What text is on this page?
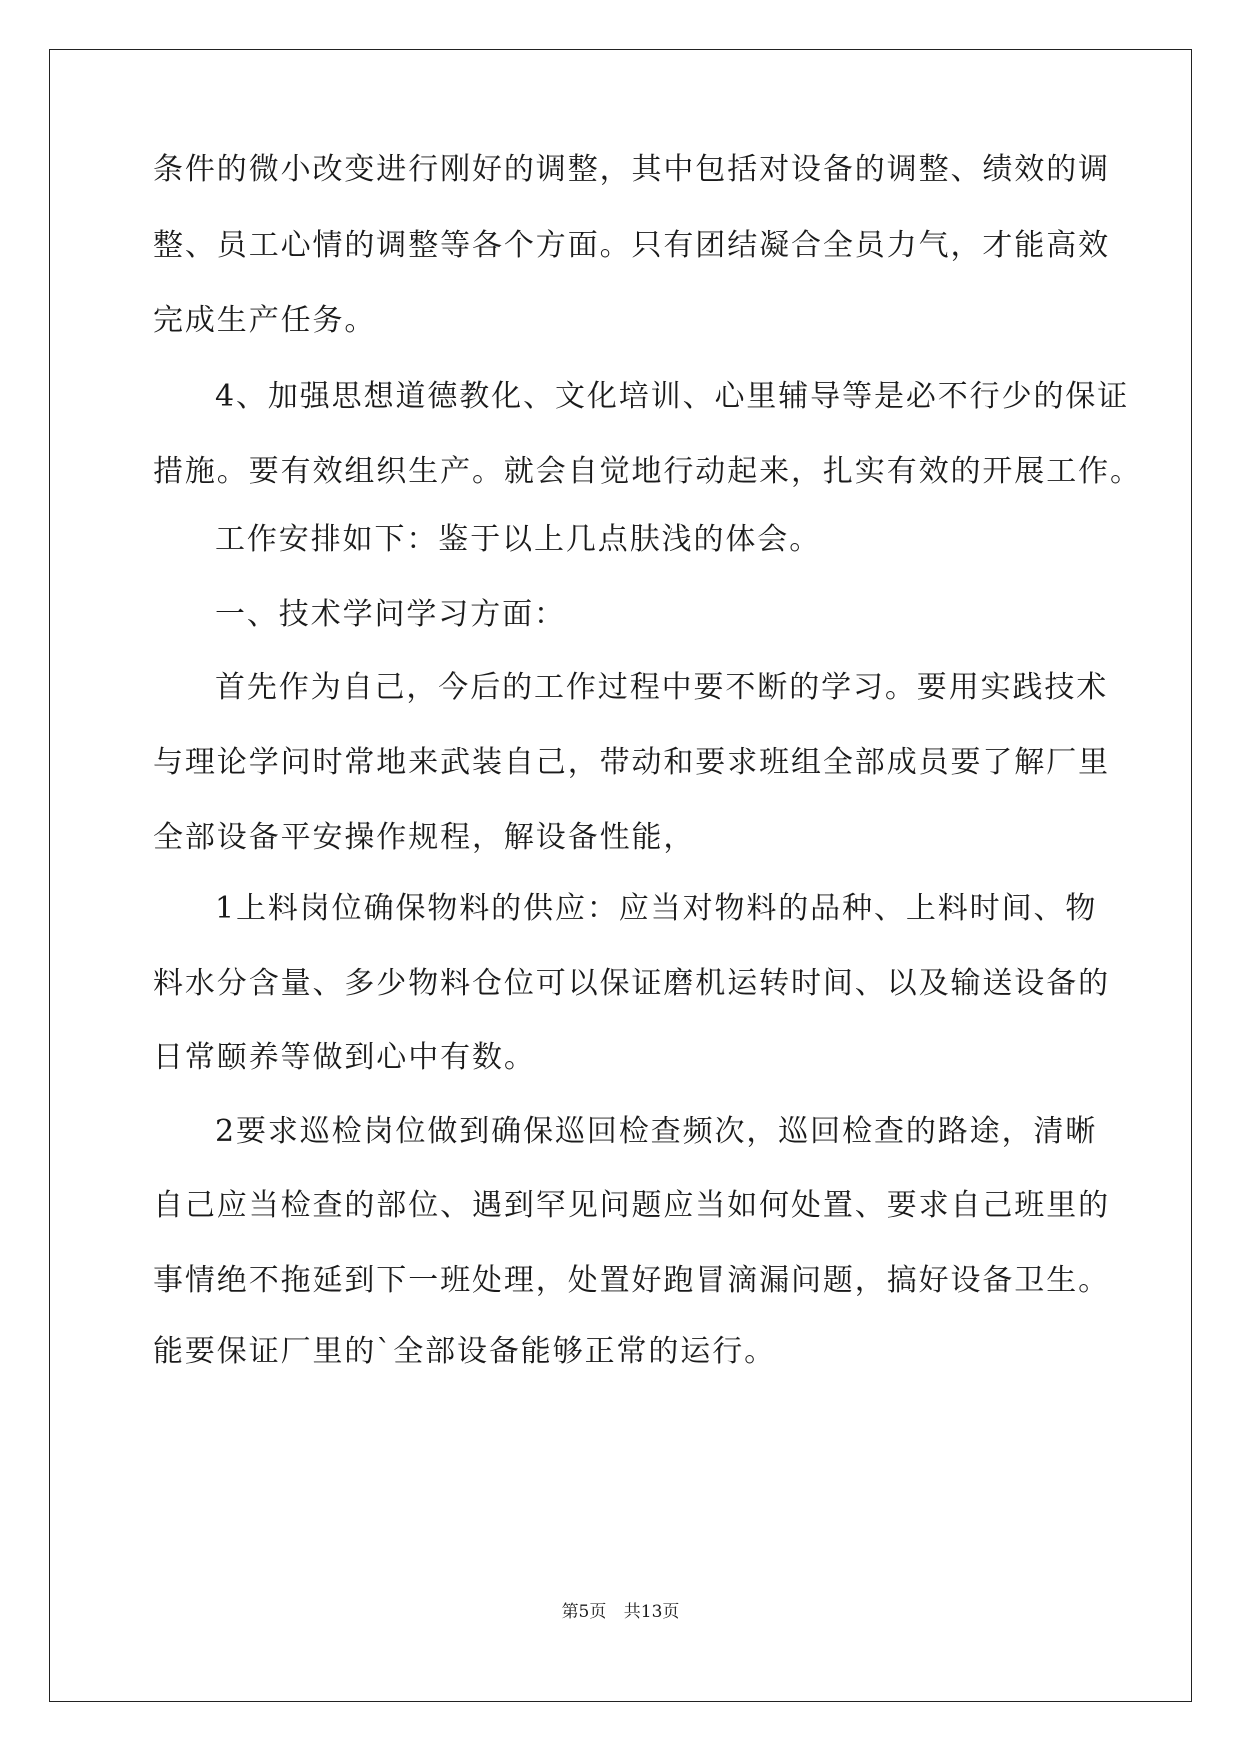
条件的微小改变进行刚好的调整，其中包括对设备的调整、绩效的调
整、员工心情的调整等各个方面。只有团结凝合全员力气，才能高效
完成生产任务。
4、加强思想道德教化、文化培训、心里辅导等是必不行少的保证
措施。要有效组织生产。就会自觉地行动起来，扎实有效的开展工作。
工作安排如下：鉴于以上几点肤浅的体会。
一、技术学问学习方面：
首先作为自己，今后的工作过程中要不断的学习。要用实践技术
与理论学问时常地来武装自己，带动和要求班组全部成员要了解厂里
全部设备平安操作规程，解设备性能，
1上料岗位确保物料的供应：应当对物料的品种、上料时间、物
料水分含量、多少物料仓位可以保证磨机运转时间、以及输送设备的
日常颐养等做到心中有数。
2要求巡检岗位做到确保巡回检查频次，巡回检查的路途，清晰
自己应当检查的部位、遇到罕见问题应当如何处置、要求自己班里的
事情绝不拖延到下一班处理，处置好跑冒滴漏问题，搞好设备卫生。
能要保证厂里的`全部设备能够正常的运行。
第5页 共13页
